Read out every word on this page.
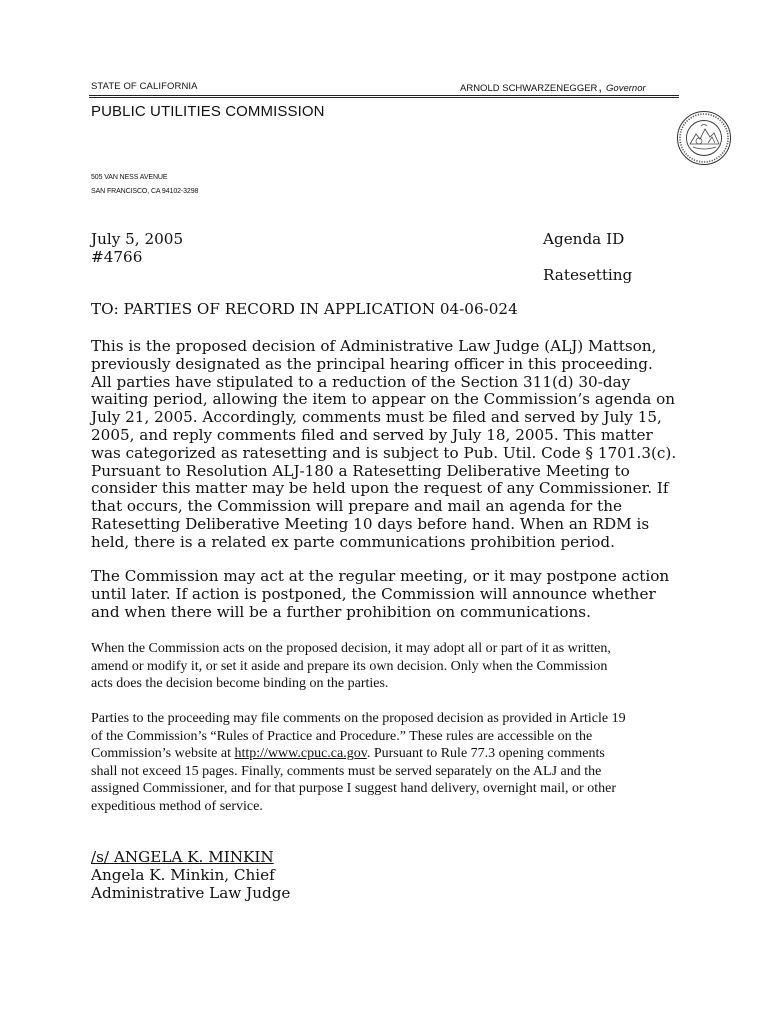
STATE OF CALIFORNIA	ARNOLD SCHWARZENEGGER, Governor
PUBLIC UTILITIES COMMISSION
505 VAN NESS AVENUE
SAN FRANCISCO, CA 94102-3298
July 5, 2005	Agenda ID
#4766
Ratesetting
TO: PARTIES OF RECORD IN APPLICATION 04-06-024
This is the proposed decision of Administrative Law Judge (ALJ) Mattson,
previously designated as the principal hearing officer in this proceeding.
All parties have stipulated to a reduction of the Section 311(d) 30-day
waiting period, allowing the item to appear on the Commission’s agenda on
July 21, 2005. Accordingly, comments must be filed and served by July 15,
2005, and reply comments filed and served by July 18, 2005. This matter
was categorized as ratesetting and is subject to Pub. Util. Code § 1701.3(c).
Pursuant to Resolution ALJ-180 a Ratesetting Deliberative Meeting to
consider this matter may be held upon the request of any Commissioner. If
that occurs, the Commission will prepare and mail an agenda for the
Ratesetting Deliberative Meeting 10 days before hand. When an RDM is
held, there is a related ex parte communications prohibition period.
The Commission may act at the regular meeting, or it may postpone action
until later. If action is postponed, the Commission will announce whether
and when there will be a further prohibition on communications.
When the Commission acts on the proposed decision, it may adopt all or part of it as written,
amend or modify it, or set it aside and prepare its own decision. Only when the Commission
acts does the decision become binding on the parties.
Parties to the proceeding may file comments on the proposed decision as provided in Article 19
of the Commission’s “Rules of Practice and Procedure.” These rules are accessible on the
Commission’s website at http://www.cpuc.ca.gov. Pursuant to Rule 77.3 opening comments
shall not exceed 15 pages. Finally, comments must be served separately on the ALJ and the
assigned Commissioner, and for that purpose I suggest hand delivery, overnight mail, or other
expeditious method of service.
/s/ ANGELA K. MINKIN
Angela K. Minkin, Chief
Administrative Law Judge
